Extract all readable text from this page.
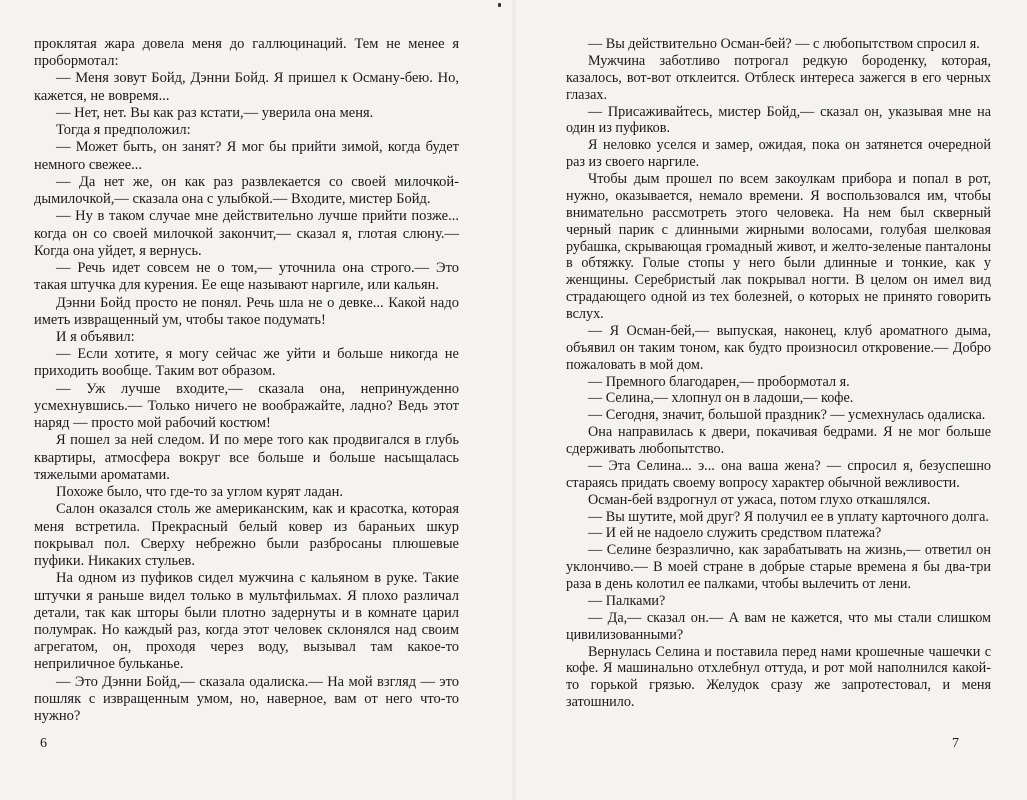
проклятая жара довела меня до галлюцинаций. Тем не менее я пробормотал:

— Меня зовут Бойд, Дэнни Бойд. Я пришел к Осману-бею. Но, кажется, не вовремя...

— Нет, нет. Вы как раз кстати,— уверила она меня.

Тогда я предположил:

— Может быть, он занят? Я мог бы прийти зимой, когда будет немного свежее...

— Да нет же, он как раз развлекается со своей милочкой-дымилочкой,— сказала она с улыбкой.— Входите, мистер Бойд.

— Ну в таком случае мне действительно лучше прийти позже... когда он со своей милочкой закончит,— сказал я, глотая слюну.— Когда она уйдет, я вернусь.

— Речь идет совсем не о том,— уточнила она строго.— Это такая штучка для курения. Ее еще называют наргиле, или кальян.

Дэнни Бойд просто не понял. Речь шла не о девке... Какой надо иметь извращенный ум, чтобы такое подумать!

И я объявил:

— Если хотите, я могу сейчас же уйти и больше никогда не приходить вообще. Таким вот образом.

— Уж лучше входите,— сказала она, непринужденно усмехнувшись.— Только ничего не воображайте, ладно? Ведь этот наряд — просто мой рабочий костюм!

Я пошел за ней следом. И по мере того как продвигался в глубь квартиры, атмосфера вокруг все больше и больше насыщалась тяжелыми ароматами.

Похоже было, что где-то за углом курят ладан.

Салон оказался столь же американским, как и красотка, которая меня встретила. Прекрасный белый ковер из бараньих шкур покрывал пол. Сверху небрежно были разбросаны плюшевые пуфики. Никаких стульев.

На одном из пуфиков сидел мужчина с кальяном в руке. Такие штучки я раньше видел только в мультфильмах. Я плохо различал детали, так как шторы были плотно задернуты и в комнате царил полумрак. Но каждый раз, когда этот человек склонялся над своим агрегатом, он, проходя через воду, вызывал там какое-то неприличное бульканье.

— Это Дэнни Бойд,— сказала одалиска.— На мой взгляд — это пошляк с извращенным умом, но, наверное, вам от него что-то нужно?

— Вы действительно Осман-бей? — с любопытством спросил я.

Мужчина заботливо потрогал редкую бороденку, которая, казалось, вот-вот отклеится. Отблеск интереса зажегся в его черных глазах.

— Присаживайтесь, мистер Бойд,— сказал он, указывая мне на один из пуфиков.

Я неловко уселся и замер, ожидая, пока он затянется очередной раз из своего наргиле.

Чтобы дым прошел по всем закоулкам прибора и попал в рот, нужно, оказывается, немало времени. Я воспользовался им, чтобы внимательно рассмотреть этого человека. На нем был скверный черный парик с длинными жирными волосами, голубая шелковая рубашка, скрывающая громадный живот, и желто-зеленые панталоны в обтяжку. Голые стопы у него были длинные и тонкие, как у женщины. Серебристый лак покрывал ногти. В целом он имел вид страдающего одной из тех болезней, о которых не принято говорить вслух.

— Я Осман-бей,— выпуская, наконец, клуб ароматного дыма, объявил он таким тоном, как будто произносил откровение.— Добро пожаловать в мой дом.

— Премного благодарен,— пробормотал я.

— Селина,— хлопнул он в ладоши,— кофе.

— Сегодня, значит, большой праздник? — усмехнулась одалиска.

Она направилась к двери, покачивая бедрами. Я не мог больше сдерживать любопытство.

— Эта Селина... э... она ваша жена? — спросил я, безуспешно стараясь придать своему вопросу характер обычной вежливости.

Осман-бей вздрогнул от ужаса, потом глухо откашлялся.

— Вы шутите, мой друг? Я получил ее в уплату карточного долга.

— И ей не надоело служить средством платежа?

— Селине безразлично, как зарабатывать на жизнь,— ответил он уклончиво.— В моей стране в добрые старые времена я бы два-три раза в день колотил ее палками, чтобы вылечить от лени.

— Палками?

— Да,— сказал он.— А вам не кажется, что мы стали слишком цивилизованными?

Вернулась Селина и поставила перед нами крошечные чашечки с кофе. Я машинально отхлебнул оттуда, и рот мой наполнился какой-то горькой грязью. Желудок сразу же запротестовал, и меня затошнило.

6	7
